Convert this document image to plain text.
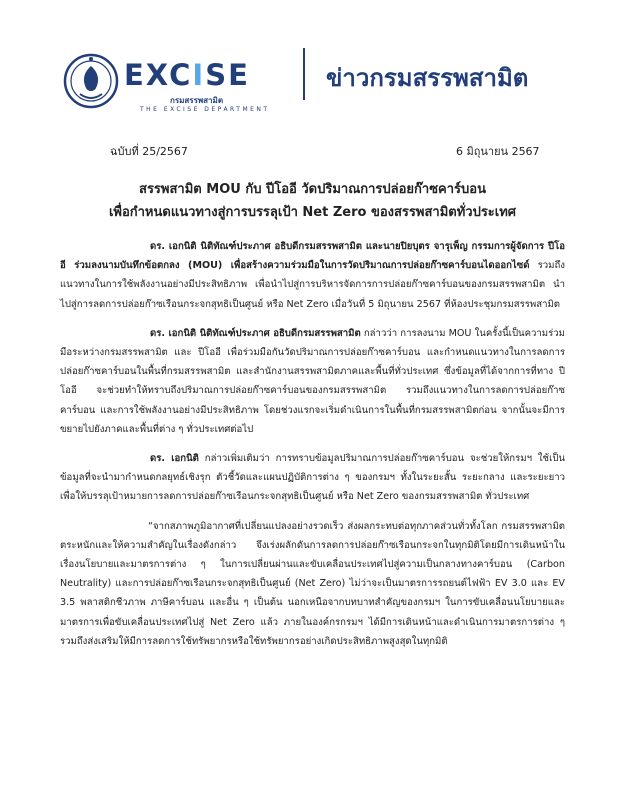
EXCISE
กรมสรรพสามิต
THE EXCISE DEPARTMENT
ข่าวกรมสรรพสามิต
ฉบับที่ 25/2567	6 มิถุนายน 2567
สรรพสามิต MOU กับ ปีโออี วัดปริมาณการปล่อยก๊าซคาร์บอน
เพื่อกำหนดแนวทางสู่การบรรลุเป้า Net Zero ของสรรพสามิตทั่วประเทศ

ดร. เอกนิติ นิติทัณฑ์ประภาศ อธิบดีกรมสรรพสามิต และนายปิยบุตร จารุเพ็ญ กรรมการผู้จัดการ ปีโออี ร่วมลงนามบันทึกข้อตกลง (MOU) เพื่อสร้างความร่วมมือในการวัดปริมาณการปล่อยก๊าซคาร์บอนไดออกไซด์ รวมถึงแนวทางในการใช้พลังงานอย่างมีประสิทธิภาพ เพื่อนำไปสู่การบริหารจัดการการปล่อยก๊าซคาร์บอนของกรมสรรพสามิต นำไปสู่การลดการปล่อยก๊าซเรือนกระจกสุทธิเป็นศูนย์ หรือ Net Zero เมื่อวันที่ 5 มิถุนายน 2567 ที่ห้องประชุมกรมสรรพสามิต

ดร. เอกนิติ นิติทัณฑ์ประภาศ อธิบดีกรมสรรพสามิต กล่าวว่า การลงนาม MOU ในครั้งนี้เป็นความร่วมมือระหว่างกรมสรรพสามิต และ ปีโออี เพื่อร่วมมือกันวัดปริมาณการปล่อยก๊าซคาร์บอน และกำหนดแนวทางในการลดการปล่อยก๊าซคาร์บอนในพื้นที่กรมสรรพสามิต และสำนักงานสรรพสามิตภาคและพื้นที่ทั่วประเทศ ซึ่งข้อมูลที่ได้จากการที่ทาง ปีโออี จะช่วยทำให้ทราบถึงปริมาณการปล่อยก๊าซคาร์บอนของกรมสรรพสามิต รวมถึงแนวทางในการลดการปล่อยก๊าซคาร์บอน และการใช้พลังงานอย่างมีประสิทธิภาพ โดยช่วงแรกจะเริ่มดำเนินการในพื้นที่กรมสรรพสามิตก่อน จากนั้นจะมีการขยายไปยังภาคและพื้นที่ต่าง ๆ ทั่วประเทศต่อไป

ดร. เอกนิติ กล่าวเพิ่มเติมว่า การทราบข้อมูลปริมาณการปล่อยก๊าซคาร์บอน จะช่วยให้กรมฯ ใช้เป็นข้อมูลที่จะนำมากำหนดกลยุทธ์เชิงรุก ตัวชี้วัดและแผนปฏิบัติการต่าง ๆ ของกรมฯ ทั้งในระยะสั้น ระยะกลาง และระยะยาว เพื่อให้บรรลุเป้าหมายการลดการปล่อยก๊าซเรือนกระจกสุทธิเป็นศูนย์ หรือ Net Zero ของกรมสรรพสามิต ทั่วประเทศ

“จากสภาพภูมิอากาศที่เปลี่ยนแปลงอย่างรวดเร็ว ส่งผลกระทบต่อทุกภาคส่วนทั่วทั้งโลก กรมสรรพสามิตตระหนักและให้ความสำคัญในเรื่องดังกล่าว จึงเร่งผลักดันการลดการปล่อยก๊าซเรือนกระจกในทุกมิติโดยมีการเดินหน้าในเรื่องนโยบายและมาตรการต่าง ๆ ในการเปลี่ยนผ่านและขับเคลื่อนประเทศไปสู่ความเป็นกลางทางคาร์บอน (Carbon Neutrality) และการปล่อยก๊าซเรือนกระจกสุทธิเป็นศูนย์ (Net Zero) ไม่ว่าจะเป็นมาตรการรถยนต์ไฟฟ้า EV 3.0 และ EV 3.5 พลาสติกชีวภาพ ภาษีคาร์บอน และอื่น ๆ เป็นต้น นอกเหนือจากบทบาทสำคัญของกรมฯ ในการขับเคลื่อนนโยบายและมาตรการเพื่อขับเคลื่อนประเทศไปสู่ Net Zero แล้ว ภายในองค์กรกรมฯ ได้มีการเดินหน้าและดำเนินการมาตรการต่าง ๆ รวมถึงส่งเสริมให้มีการลดการใช้ทรัพยากรหรือใช้ทรัพยากรอย่างเกิดประสิทธิภาพสูงสุดในทุกมิติ
